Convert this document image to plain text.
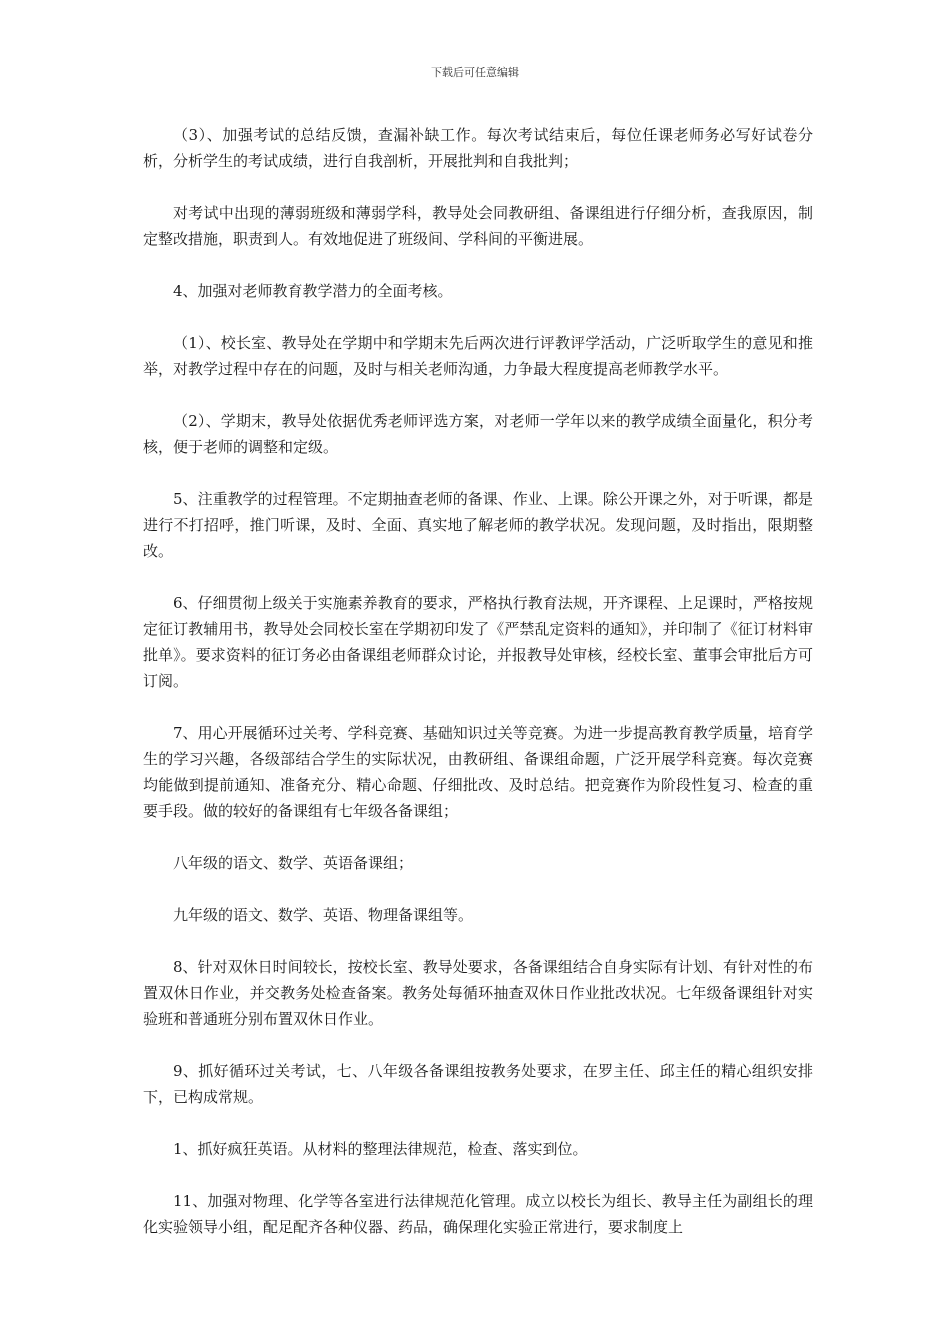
下载后可任意编辑

（3）、加强考试的总结反馈，查漏补缺工作。每次考试结束后，每位任课老师务必写好试卷分析，分析学生的考试成绩，进行自我剖析，开展批判和自我批判；

对考试中出现的薄弱班级和薄弱学科，教导处会同教研组、备课组进行仔细分析，查我原因，制定整改措施，职责到人。有效地促进了班级间、学科间的平衡进展。

4、加强对老师教育教学潜力的全面考核。

（1）、校长室、教导处在学期中和学期末先后两次进行评教评学活动，广泛听取学生的意见和推举，对教学过程中存在的问题，及时与相关老师沟通，力争最大程度提高老师教学水平。

（2）、学期末，教导处依据优秀老师评选方案，对老师一学年以来的教学成绩全面量化，积分考核，便于老师的调整和定级。

5、注重教学的过程管理。不定期抽查老师的备课、作业、上课。除公开课之外，对于听课，都是进行不打招呼，推门听课，及时、全面、真实地了解老师的教学状况。发现问题，及时指出，限期整改。

6、仔细贯彻上级关于实施素养教育的要求，严格执行教育法规，开齐课程、上足课时，严格按规定征订教辅用书，教导处会同校长室在学期初印发了《严禁乱定资料的通知》，并印制了《征订材料审批单》。要求资料的征订务必由备课组老师群众讨论，并报教导处审核，经校长室、董事会审批后方可订阅。

7、用心开展循环过关考、学科竞赛、基础知识过关等竞赛。为进一步提高教育教学质量，培育学生的学习兴趣，各级部结合学生的实际状况，由教研组、备课组命题，广泛开展学科竞赛。每次竞赛均能做到提前通知、准备充分、精心命题、仔细批改、及时总结。把竞赛作为阶段性复习、检查的重要手段。做的较好的备课组有七年级各备课组；

八年级的语文、数学、英语备课组；

九年级的语文、数学、英语、物理备课组等。

8、针对双休日时间较长，按校长室、教导处要求，各备课组结合自身实际有计划、有针对性的布置双休日作业，并交教务处检查备案。教务处每循环抽查双休日作业批改状况。七年级备课组针对实验班和普通班分别布置双休日作业。

9、抓好循环过关考试，七、八年级各备课组按教务处要求，在罗主任、邱主任的精心组织安排下，已构成常规。

1、抓好疯狂英语。从材料的整理法律规范，检查、落实到位。

11、加强对物理、化学等各室进行法律规范化管理。成立以校长为组长、教导主任为副组长的理化实验领导小组，配足配齐各种仪器、药品，确保理化实验正常进行，要求制度上
